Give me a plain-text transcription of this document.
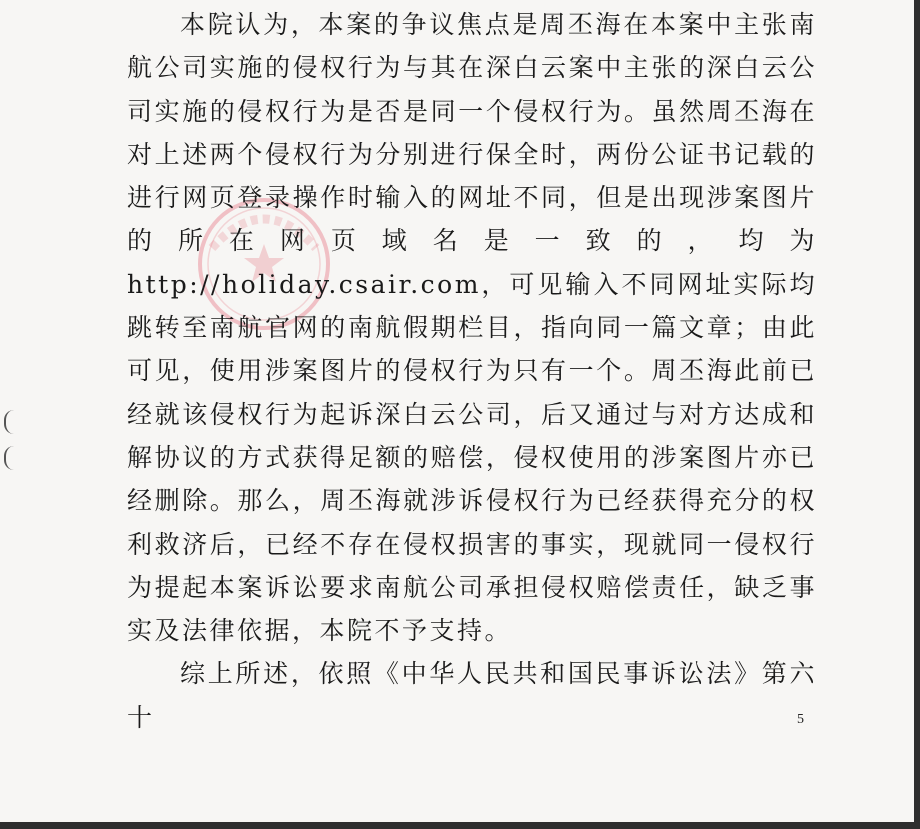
本院认为，本案的争议焦点是周丕海在本案中主张南航公司实施的侵权行为与其在深白云案中主张的深白云公司实施的侵权行为是否是同一个侵权行为。虽然周丕海在对上述两个侵权行为分别进行保全时，两份公证书记载的进行网页登录操作时输入的网址不同，但是出现涉案图片的所在网页域名是一致的，均为http://holiday.csair.com，可见输入不同网址实际均跳转至南航官网的南航假期栏目，指向同一篇文章；由此可见，使用涉案图片的侵权行为只有一个。周丕海此前已经就该侵权行为起诉深白云公司，后又通过与对方达成和解协议的方式获得足额的赔偿，侵权使用的涉案图片亦已经删除。那么，周丕海就涉诉侵权行为已经获得充分的权利救济后，已经不存在侵权损害的事实，现就同一侵权行为提起本案诉讼要求南航公司承担侵权赔偿责任，缺乏事实及法律依据，本院不予支持。

综上所述，依照《中华人民共和国民事诉讼法》第六十	5
